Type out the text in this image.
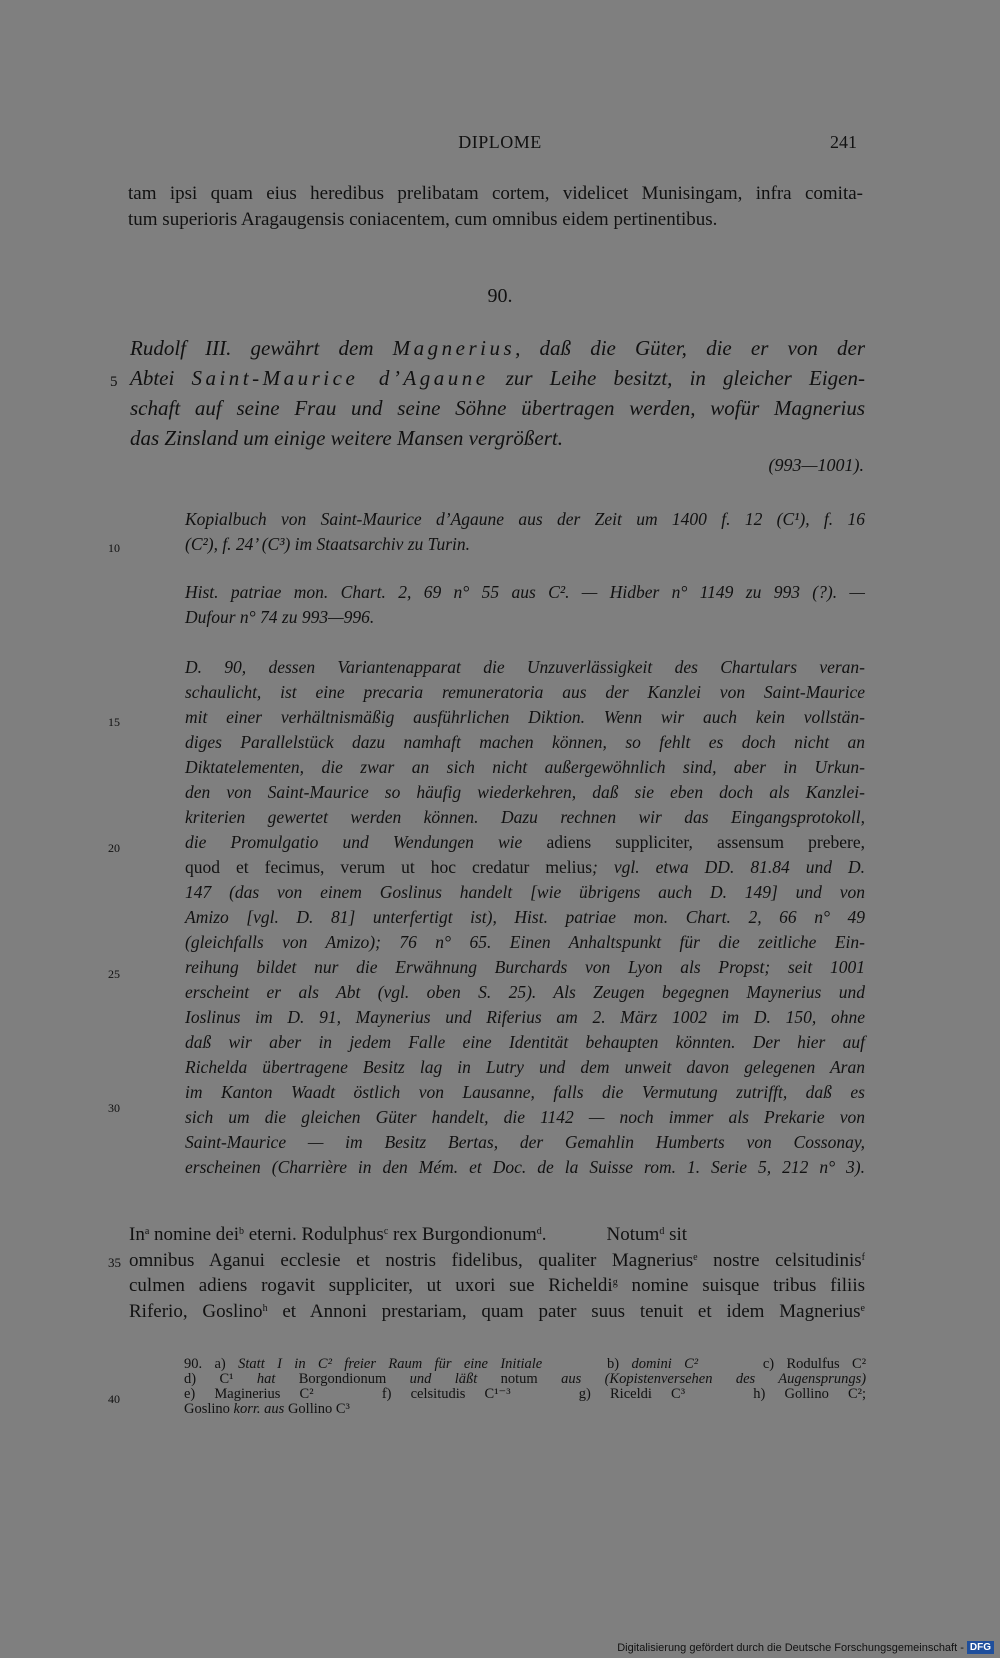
DIPLOME	241

tam ipsi quam eius heredibus prelibatam cortem, videlicet Munisingam, infra comita-

tum superioris Aragaugensis coniacentem, cum omnibus eidem pertinentibus.

90.

Rudolf III. gewährt dem Magnerius, daß die Güter, die er von der

Abtei Saint-Maurice d’Agaune zur Leihe besitzt, in gleicher Eigen-

schaft auf seine Frau und seine Söhne übertragen werden, wofür Magnerius

das Zinsland um einige weitere Mansen vergrößert.

(993—1001).

Kopialbuch von Saint-Maurice d’Agaune aus der Zeit um 1400 f. 12 (C¹), f. 16

(C²), f. 24’ (C³) im Staatsarchiv zu Turin.

Hist. patriae mon. Chart. 2, 69 n° 55 aus C². — Hidber n° 1149 zu 993 (?). —

Dufour n° 74 zu 993—996.

D. 90, dessen Variantenapparat die Unzuverlässigkeit des Chartulars veran-

schaulicht, ist eine precaria remuneratoria aus der Kanzlei von Saint-Maurice

mit einer verhältnismäßig ausführlichen Diktion. Wenn wir auch kein vollstän-

diges Parallelstück dazu namhaft machen können, so fehlt es doch nicht an

Diktatelementen, die zwar an sich nicht außergewöhnlich sind, aber in Urkun-

den von Saint-Maurice so häufig wiederkehren, daß sie eben doch als Kanzlei-

kriterien gewertet werden können. Dazu rechnen wir das Eingangsprotokoll,

die Promulgatio und Wendungen wie adiens suppliciter, assensum prebere,

quod et fecimus, verum ut hoc credatur melius; vgl. etwa DD. 81.84 und D.

147 (das von einem Goslinus handelt [wie übrigens auch D. 149] und von

Amizo [vgl. D. 81] unterfertigt ist), Hist. patriae mon. Chart. 2, 66 n° 49

(gleichfalls von Amizo); 76 n° 65. Einen Anhaltspunkt für die zeitliche Ein-

reihung bildet nur die Erwähnung Burchards von Lyon als Propst; seit 1001

erscheint er als Abt (vgl. oben S. 25). Als Zeugen begegnen Maynerius und

Ioslinus im D. 91, Maynerius und Riferius am 2. März 1002 im D. 150, ohne

daß wir aber in jedem Falle eine Identität behaupten könnten. Der hier auf

Richelda übertragene Besitz lag in Lutry und dem unweit davon gelegenen Aran

im Kanton Waadt östlich von Lausanne, falls die Vermutung zutrifft, daß es

sich um die gleichen Güter handelt, die 1142 — noch immer als Prekarie von

Saint-Maurice — im Besitz Bertas, der Gemahlin Humberts von Cossonay,

erscheinen (Charrière in den Mém. et Doc. de la Suisse rom. 1. Serie 5, 212 n° 3).

In$^a$ nomine dei$^b$ eterni. Rodulphus$^c$ rex Burgondionum$^d$.	Notum$^d$ sit

omnibus Aganui ecclesie et nostris fidelibus, qualiter Magnerius$^e$ nostre celsitudinis$^f$

culmen adiens rogavit suppliciter, ut uxori sue Richeldi$^g$ nomine suisque tribus filiis

Riferio, Goslino$^h$ et Annoni prestariam, quam pater suus tenuit et idem Magnerius$^e$

90. a) Statt I in C² freier Raum für eine Initiale	b) domini C²	c) Rodulfus C²

d) C¹ hat Borgondionum und läßt notum aus (Kopistenversehen des Augensprungs)

e) Maginerius C²	f) celsitudis C¹⁻³	g) Riceldi C³	h) Gollino C²;

Goslino korr. aus Gollino C³

5
10
15
20
25
30
35
40
Digitalisierung gefördert durch die Deutsche Forschungsgemeinschaft - DFG
